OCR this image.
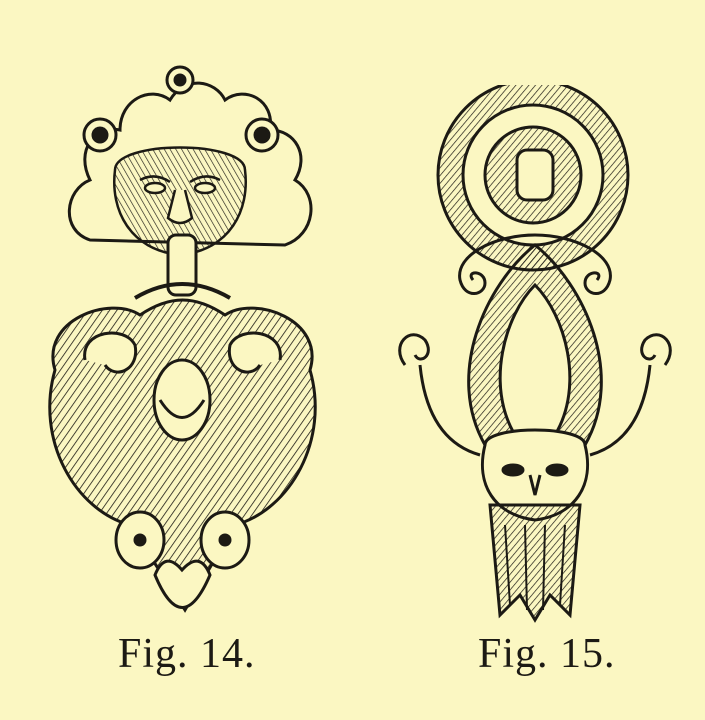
Fig. 14.	Fig. 15.
